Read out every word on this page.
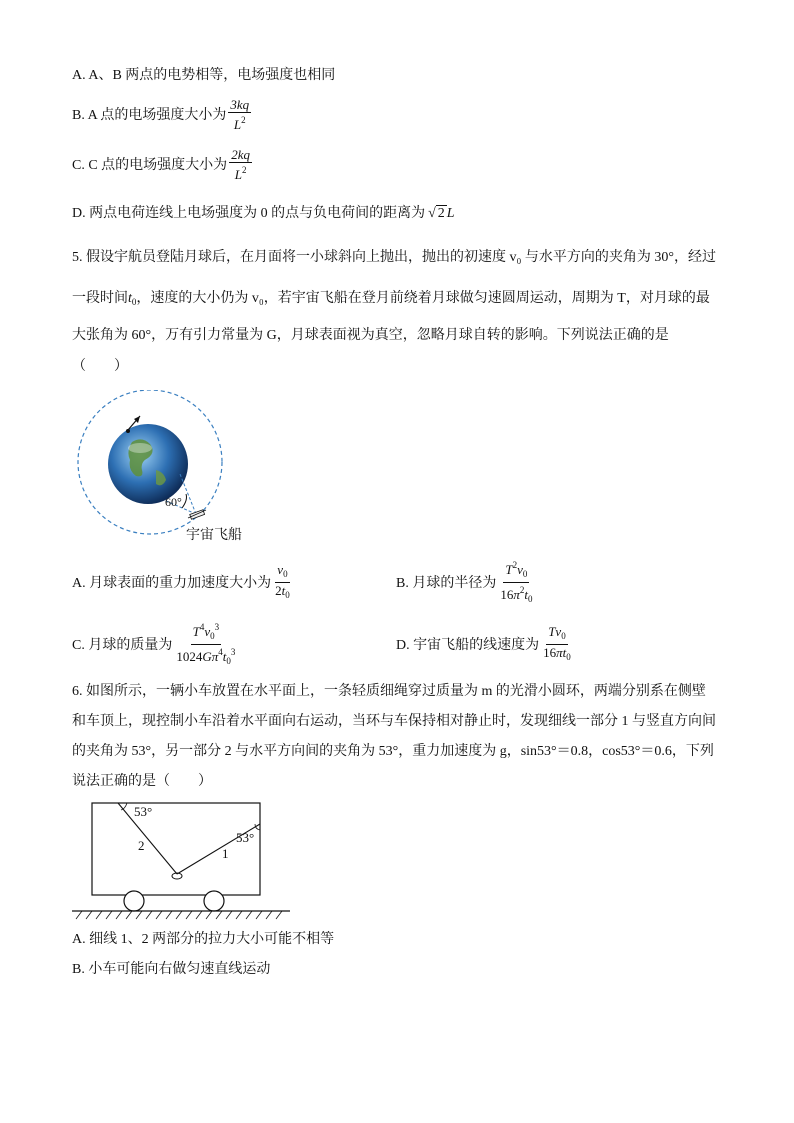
A. A、B 两点的电势相等，电场强度也相同
B. A 点的电场强度大小为 $\frac{3kq}{L^2}$
C. C 点的电场强度大小为 $\frac{2kq}{L^2}$
D. 两点电荷连线上电场强度为 0 的点与负电荷间的距离为 √ 2 L
5. 假设宇航员登陆月球后，在月面将一小球斜向上抛出，抛出的初速度 v₀ 与水平方向的夹角为 30°，经过
一段时间$t_0$，速度的大小仍为 v₀，若宇宙飞船在登月前绕着月球做匀速圆周运动，周期为 T，对月球的最
大张角为 60°，万有引力常量为 G，月球表面视为真空，忽略月球自转的影响。下列说法正确的是
（　　）
60°
宇宙飞船
A. 月球表面的重力加速度大小为 $\frac{v_0}{2t_0}$	B. 月球的半径为 $\frac{T^2v_0}{16\pi^2t_0}$
C. 月球的质量为 $\frac{T^4v_0^3}{1024G\pi^4t_0^3}$	D. 宇宙飞船的线速度为 $\frac{Tv_0}{16\pi t_0}$
6. 如图所示，一辆小车放置在水平面上，一条轻质细绳穿过质量为 m 的光滑小圆环，两端分别系在侧壁
和车顶上，现控制小车沿着水平面向右运动，当环与车保持相对静止时，发现细线一部分 1 与竖直方向间
的夹角为 53°，另一部分 2 与水平方向间的夹角为 53°，重力加速度为 g，sin53°＝0.8，cos53°＝0.6，下列
说法正确的是（　　）
53°
53°
2
1
A. 细线 1、2 两部分的拉力大小可能不相等
B. 小车可能向右做匀速直线运动
